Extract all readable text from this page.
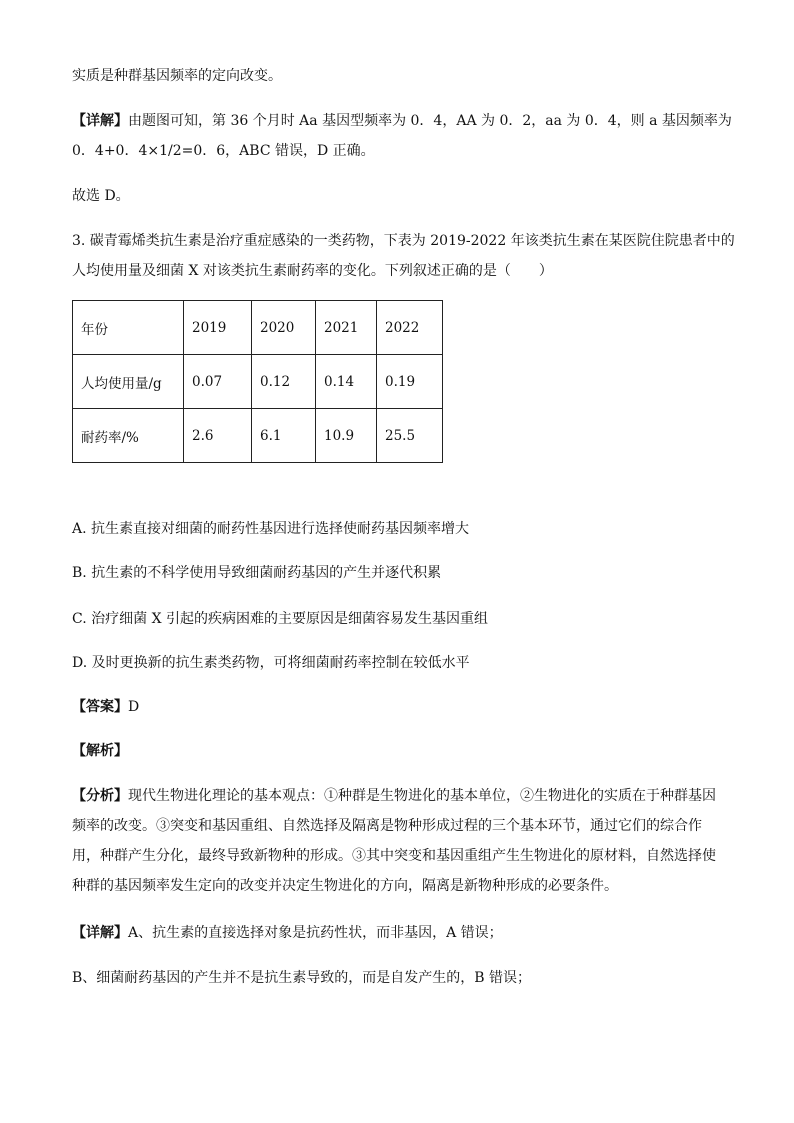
实质是种群基因频率的定向改变。
【详解】由题图可知，第 36 个月时 Aa 基因型频率为 0．4，AA 为 0．2，aa 为 0．4，则 a 基因频率为
0．4+0．4×1/2=0．6，ABC 错误，D 正确。
故选 D。
3. 碳青霉烯类抗生素是治疗重症感染的一类药物，下表为 2019-2022 年该类抗生素在某医院住院患者中的
人均使用量及细菌 X 对该类抗生素耐药率的变化。下列叙述正确的是（　　）
年份	2019	2020	2021	2022
人均使用量/g	0.07	0.12	0.14	0.19
耐药率/%	2.6	6.1	10.9	25.5
A. 抗生素直接对细菌的耐药性基因进行选择使耐药基因频率增大
B. 抗生素的不科学使用导致细菌耐药基因的产生并逐代积累
C. 治疗细菌 X 引起的疾病困难的主要原因是细菌容易发生基因重组
D. 及时更换新的抗生素类药物，可将细菌耐药率控制在较低水平
【答案】D
【解析】
【分析】现代生物进化理论的基本观点：①种群是生物进化的基本单位，②生物进化的实质在于种群基因
频率的改变。③突变和基因重组、自然选择及隔离是物种形成过程的三个基本环节，通过它们的综合作
用，种群产生分化，最终导致新物种的形成。③其中突变和基因重组产生生物进化的原材料，自然选择使
种群的基因频率发生定向的改变并决定生物进化的方向，隔离是新物种形成的必要条件。
【详解】A、抗生素的直接选择对象是抗药性状，而非基因，A 错误；
B、细菌耐药基因的产生并不是抗生素导致的，而是自发产生的，B 错误；
